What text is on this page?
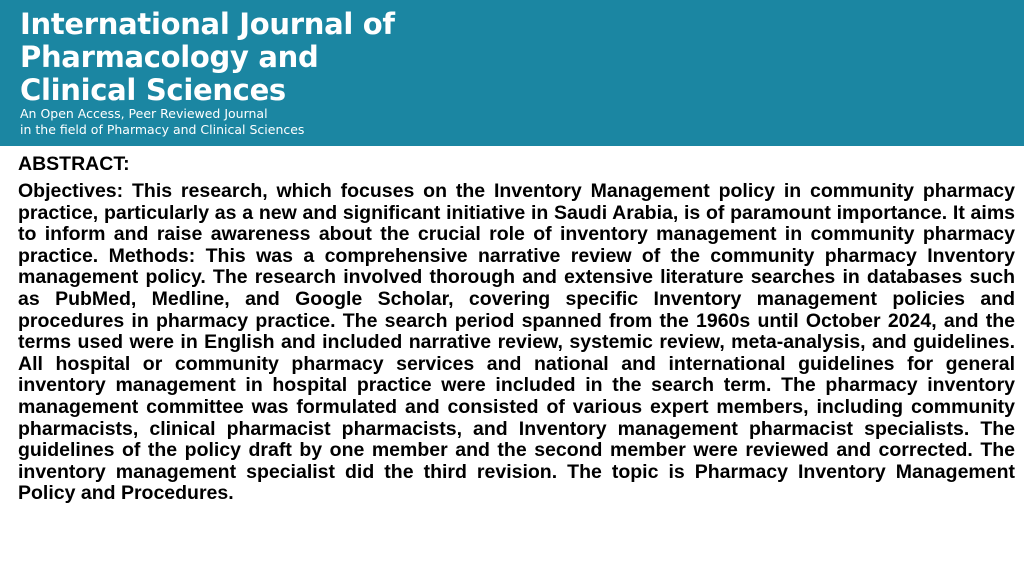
International Journal of
Pharmacology and
Clinical Sciences
An Open Access, Peer Reviewed Journal
in the field of Pharmacy and Clinical Sciences
ABSTRACT:

Objectives: This research, which focuses on the Inventory Management policy in community pharmacy practice, particularly as a new and significant initiative in Saudi Arabia, is of paramount importance. It aims to inform and raise awareness about the crucial role of inventory management in community pharmacy practice. Methods: This was a comprehensive narrative review of the community pharmacy Inventory management policy. The research involved thorough and extensive literature searches in databases such as PubMed, Medline, and Google Scholar, covering specific Inventory management policies and procedures in pharmacy practice. The search period spanned from the 1960s until October 2024, and the terms used were in English and included narrative review, systemic review, meta-analysis, and guidelines. All hospital or community pharmacy services and national and international guidelines for general inventory management in hospital practice were included in the search term. The pharmacy inventory management committee was formulated and consisted of various expert members, including community pharmacists, clinical pharmacist pharmacists, and Inventory management pharmacist specialists. The guidelines of the policy draft by one member and the second member were reviewed and corrected. The inventory management specialist did the third revision. The topic is Pharmacy Inventory Management Policy and Procedures.
